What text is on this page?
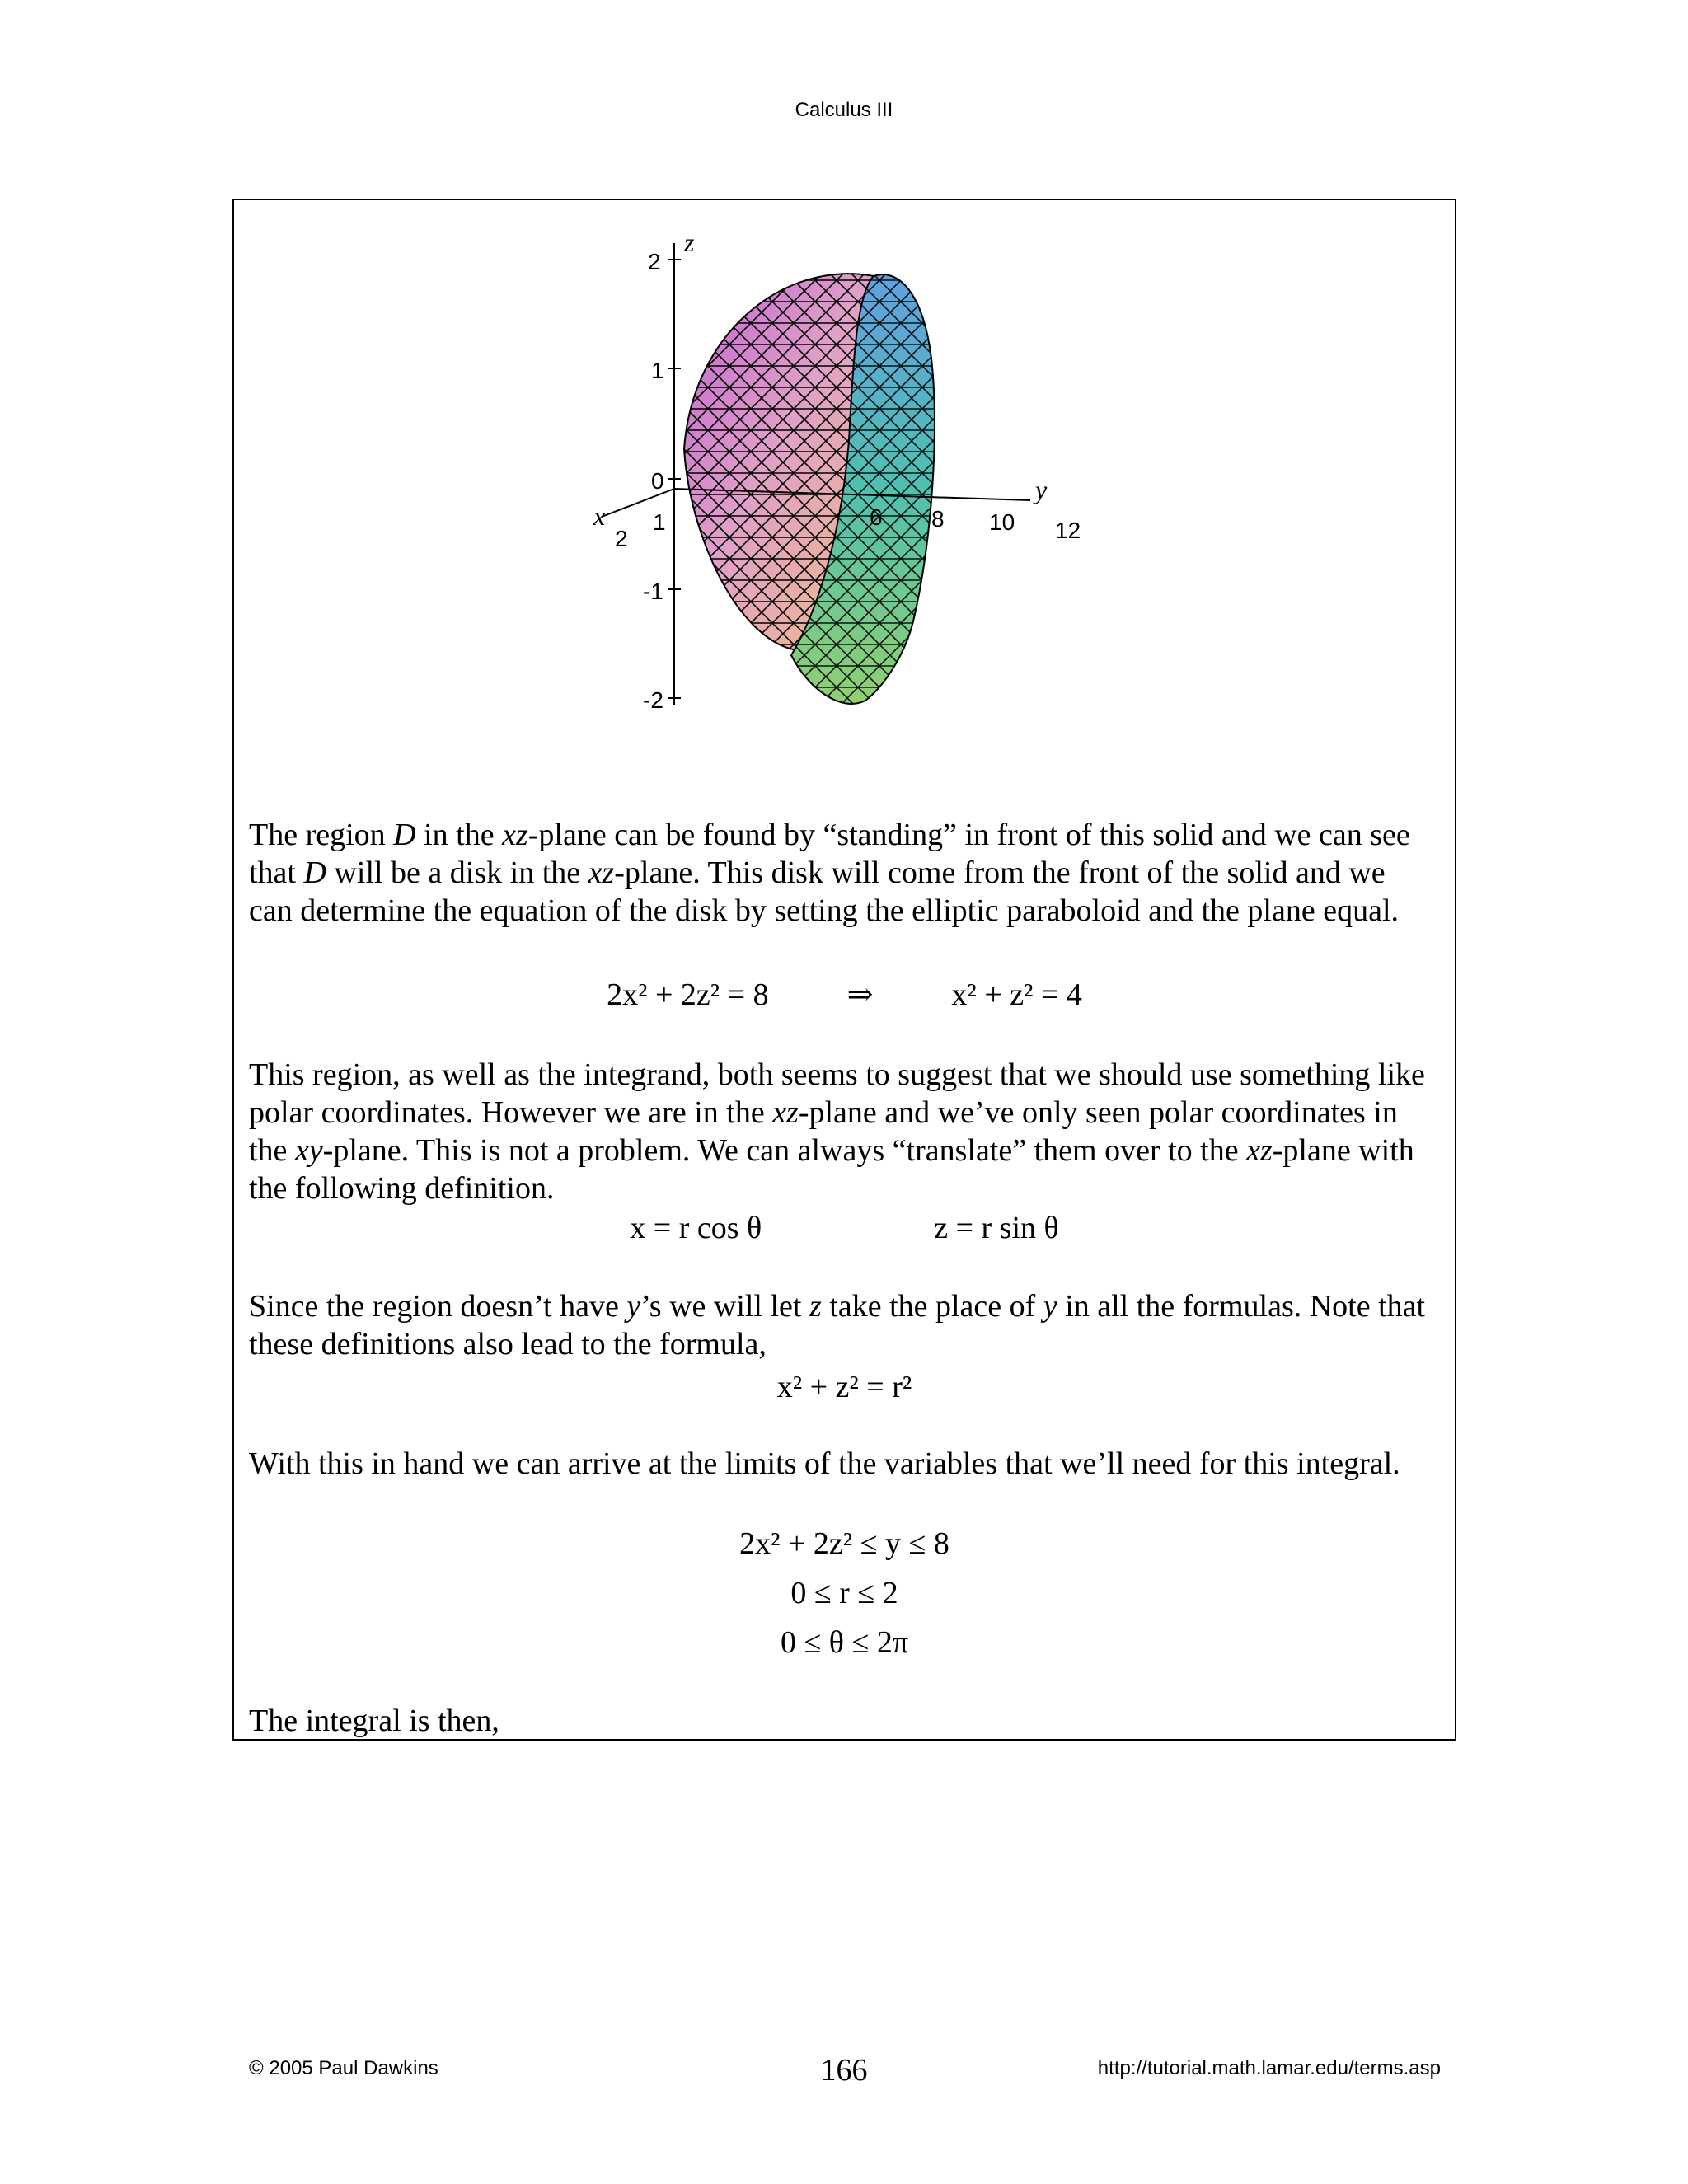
Calculus III
z
2
1
0
-1
-2
x 1
2
y
6 8 10 12

The region D in the xz-plane can be found by “standing” in front of this solid and we can see that D will be a disk in the xz-plane. This disk will come from the front of the solid and we can determine the equation of the disk by setting the elliptic paraboloid and the plane equal.

2x² + 2z² = 8	⇒	x² + z² = 4

This region, as well as the integrand, both seems to suggest that we should use something like polar coordinates. However we are in the xz-plane and we’ve only seen polar coordinates in the xy-plane. This is not a problem. We can always “translate” them over to the xz-plane with the following definition.

x = r cos θ	z = r sin θ

Since the region doesn’t have y’s we will let z take the place of y in all the formulas. Note that these definitions also lead to the formula,

x² + z² = r²

With this in hand we can arrive at the limits of the variables that we’ll need for this integral.

2x² + 2z² ≤ y ≤ 8
0 ≤ r ≤ 2
0 ≤ θ ≤ 2π

The integral is then,

© 2005 Paul Dawkins	166	http://tutorial.math.lamar.edu/terms.asp
